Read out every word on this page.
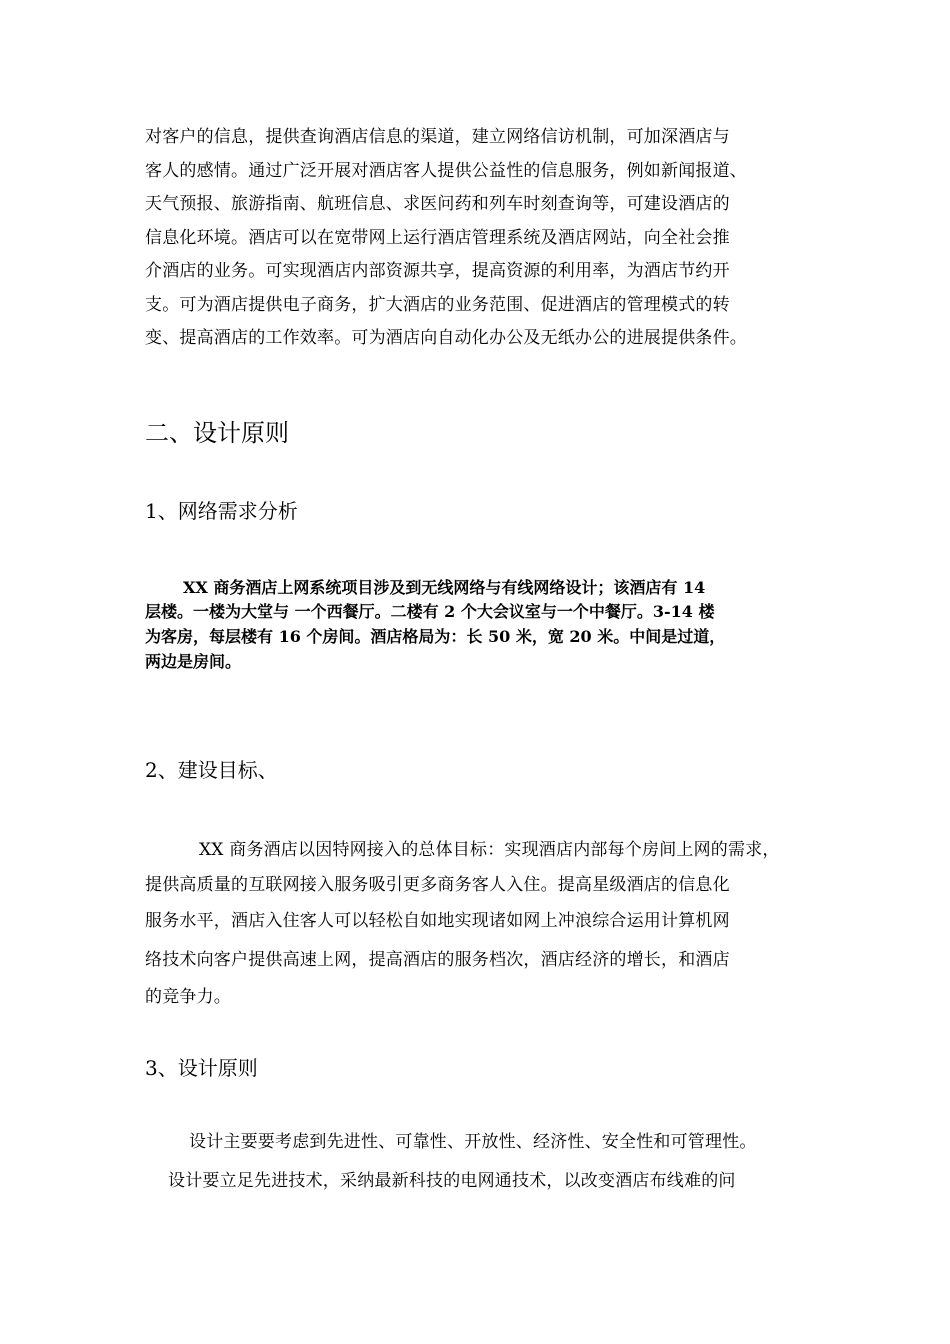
对客户的信息，提供查询酒店信息的渠道，建立网络信访机制，可加深酒店与
客人的感情。通过广泛开展对酒店客人提供公益性的信息服务，例如新闻报道、
天气预报、旅游指南、航班信息、求医问药和列车时刻查询等，可建设酒店的
信息化环境。酒店可以在宽带网上运行酒店管理系统及酒店网站，向全社会推
介酒店的业务。可实现酒店内部资源共享，提高资源的利用率，为酒店节约开
支。可为酒店提供电子商务，扩大酒店的业务范围、促进酒店的管理模式的转
变、提高酒店的工作效率。可为酒店向自动化办公及无纸办公的进展提供条件。
二、设计原则
1、网络需求分析
XX 商务酒店上网系统项目涉及到无线网络与有线网络设计；该酒店有 14
层楼。一楼为大堂与 一个西餐厅。二楼有 2 个大会议室与一个中餐厅。3-14 楼
为客房，每层楼有 16 个房间。酒店格局为：长 50 米，宽 20 米。中间是过道，
两边是房间。
2、建设目标、
XX 商务酒店以因特网接入的总体目标：实现酒店内部每个房间上网的需求，
提供高质量的互联网接入服务吸引更多商务客人入住。提高星级酒店的信息化
服务水平，酒店入住客人可以轻松自如地实现诸如网上冲浪综合运用计算机网
络技术向客户提供高速上网，提高酒店的服务档次，酒店经济的增长，和酒店
的竞争力。
3、设计原则
设计主要要考虑到先进性、可靠性、开放性、经济性、安全性和可管理性。
设计要立足先进技术，采纳最新科技的电网通技术，以改变酒店布线难的问
